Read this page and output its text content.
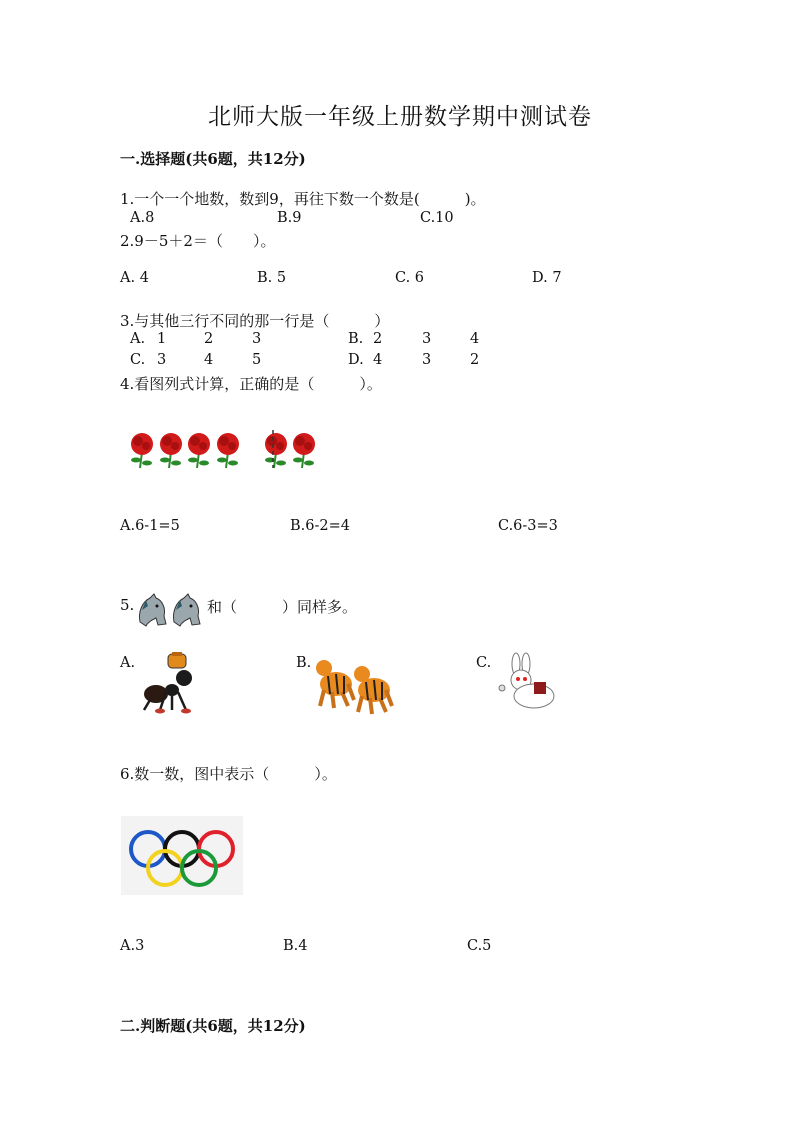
北师大版一年级上册数学期中测试卷
一.选择题(共6题，共12分)
1.一个一个地数，数到9，再往下数一个数是(　　　)。
A.8	B.9	C.10
2.9－5＋2＝（　　）。
A. 4	B. 5	C. 6	D. 7
3.与其他三行不同的那一行是（　　　）
A. 1	2	3	B. 2	3	4
C. 3	4	5	D. 4	3	2
4.看图列式计算，正确的是（　　　）。
A.6-1=5	B.6-2=4	C.6-3=3
5.	和（　　　）同样多。
A.	B.	C.
6.数一数，图中表示（　　　）。
A.3	B.4	C.5
二.判断题(共6题，共12分)
